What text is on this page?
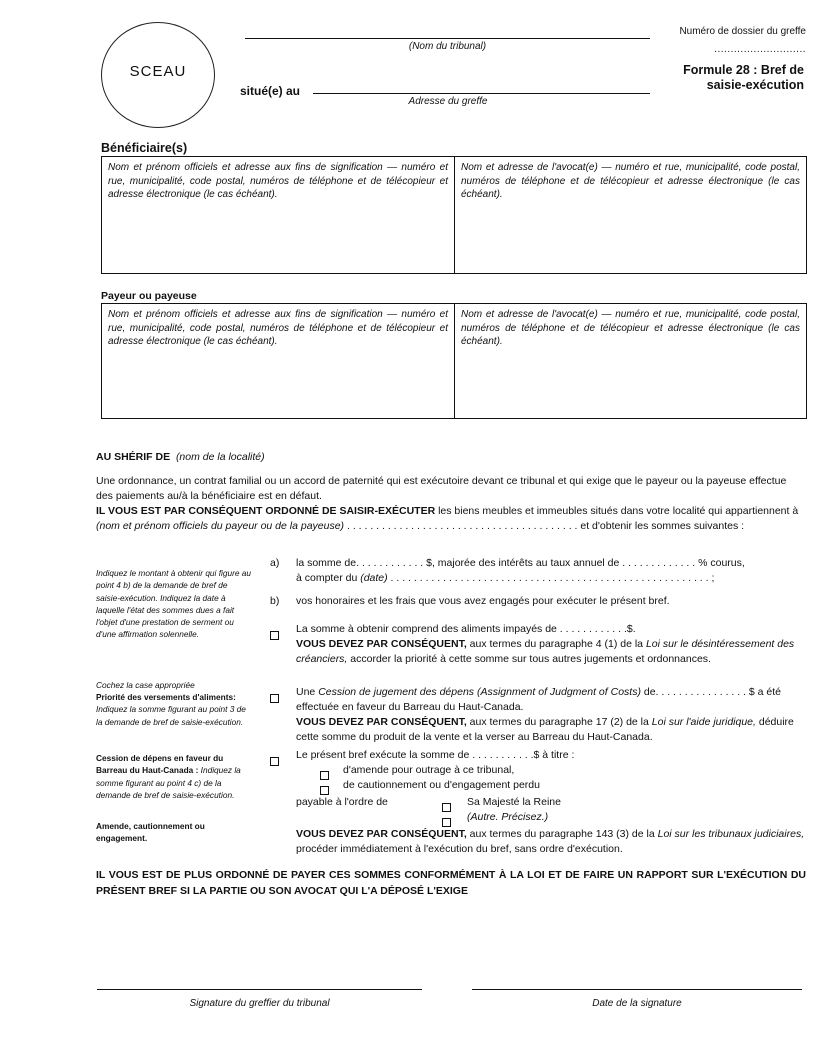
SCEAU
(Nom du tribunal)
situé(e) au
Adresse du greffe
Numéro de dossier du greffe
............................
Formule 28 : Bref de
saisie-exécution
Bénéficiaire(s)
Nom et prénom officiels et adresse aux fins de signification — numéro et rue, municipalité, code postal, numéros de téléphone et de télécopieur et adresse électronique (le cas échéant).
Nom et adresse de l'avocat(e) — numéro et rue, municipalité, code postal, numéros de téléphone et de télécopieur et adresse électronique (le cas échéant).
Payeur ou payeuse
Nom et prénom officiels et adresse aux fins de signification — numéro et rue, municipalité, code postal, numéros de téléphone et de télécopieur et adresse électronique (le cas échéant).
Nom et adresse de l'avocat(e) — numéro et rue, municipalité, code postal, numéros de téléphone et de télécopieur et adresse électronique (le cas échéant).
AU SHÉRIF DE (nom de la localité)
Une ordonnance, un contrat familial ou un accord de paternité qui est exécutoire devant ce tribunal et qui exige que le payeur ou la payeuse effectue des paiements au/à la bénéficiaire est en défaut.
IL VOUS EST PAR CONSÉQUENT ORDONNÉ DE SAISIR-EXÉCUTER les biens meubles et immeubles situés dans votre localité qui appartiennent à (nom et prénom officiels du payeur ou de la payeuse) . . . . . . . . . . . . . . . . . . . . . . . . . . . . . . . . . . . . . . . . et d'obtenir les sommes suivantes :
Indiquez le montant à obtenir qui figure au point 4 b) de la demande de bref de saisie-exécution. Indiquez la date à laquelle l'état des sommes dues a fait l'objet d'une prestation de serment ou d'une affirmation solennelle.
Cochez la case appropriée
Priorité des versements d'aliments: Indiquez la somme figurant au point 3 de la demande de bref de saisie-exécution.
Cession de dépens en faveur du Barreau du Haut-Canada : Indiquez la somme figurant au point 4 c) de la demande de bref de saisie-exécution.
Amende, cautionnement ou engagement.
a) la somme de. . . . . . . . . . . . $, majorée des intérêts au taux annuel de . . . . . . . . . . . . . % courus,
à compter du (date) . . . . . . . . . . . . . . . . . . . . . . . . . . . . . . . . . . . . . . . . . . . . . . . . . . . . . . . ;
b) vos honoraires et les frais que vous avez engagés pour exécuter le présent bref.
La somme à obtenir comprend des aliments impayés de . . . . . . . . . . . .$.
VOUS DEVEZ PAR CONSÉQUENT, aux termes du paragraphe 4 (1) de la Loi sur le désintéressement des créanciers, accorder la priorité à cette somme sur tous autres jugements et ordonnances.
Une Cession de jugement des dépens (Assignment of Judgment of Costs) de. . . . . . . . . . . . . . . . $ a été effectuée en faveur du Barreau du Haut-Canada.
VOUS DEVEZ PAR CONSÉQUENT, aux termes du paragraphe 17 (2) de la Loi sur l'aide juridique, déduire cette somme du produit de la vente et la verser au Barreau du Haut-Canada.
Le présent bref exécute la somme de . . . . . . . . . . .$ à titre :
d'amende pour outrage à ce tribunal,
de cautionnement ou d'engagement perdu
payable à l'ordre de	Sa Majesté la Reine
(Autre. Précisez.)
VOUS DEVEZ PAR CONSÉQUENT, aux termes du paragraphe 143 (3) de la Loi sur les tribunaux judiciaires, procéder immédiatement à l'exécution du bref, sans ordre d'exécution.
IL VOUS EST DE PLUS ORDONNÉ DE PAYER CES SOMMES CONFORMÉMENT À LA LOI ET DE FAIRE UN RAPPORT SUR L'EXÉCUTION DU PRÉSENT BREF SI LA PARTIE OU SON AVOCAT QUI L'A DÉPOSÉ L'EXIGE
Signature du greffier du tribunal	Date de la signature
